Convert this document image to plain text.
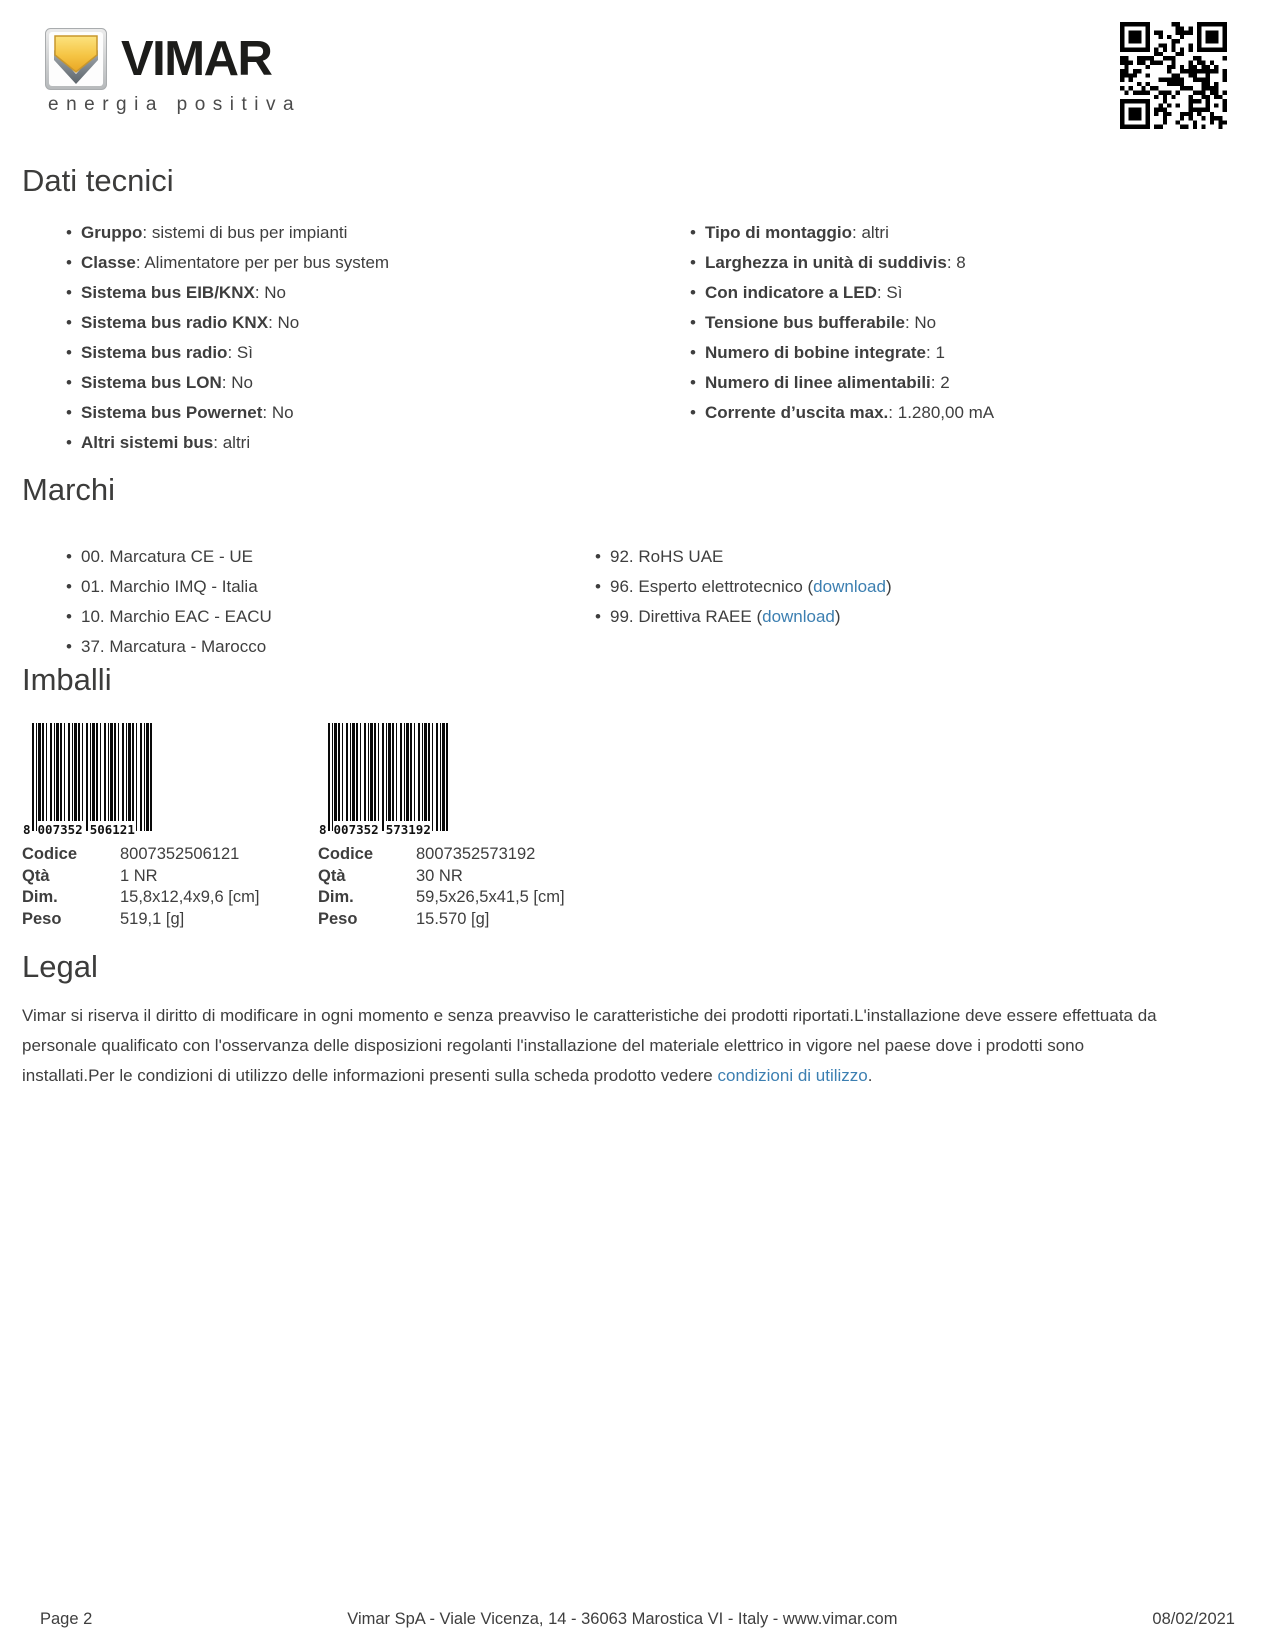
VIMAR
energia positiva
Dati tecnici
• Gruppo: sistemi di bus per impianti
• Classe: Alimentatore per per bus system
• Sistema bus EIB/KNX: No
• Sistema bus radio KNX: No
• Sistema bus radio: Sì
• Sistema bus LON: No
• Sistema bus Powernet: No
• Altri sistemi bus: altri
• Tipo di montaggio: altri
• Larghezza in unità di suddivis: 8
• Con indicatore a LED: Sì
• Tensione bus bufferabile: No
• Numero di bobine integrate: 1
• Numero di linee alimentabili: 2
• Corrente d’uscita max.: 1.280,00 mA
Marchi
• 00. Marcatura CE - UE
• 01. Marchio IMQ - Italia
• 10. Marchio EAC - EACU
• 37. Marcatura - Marocco
• 92. RoHS UAE
• 96. Esperto elettrotecnico (download)
• 99. Direttiva RAEE (download)
Imballi
8 007352 506121
Codice	8007352506121
Qtà	1 NR
Dim.	15,8x12,4x9,6 [cm]
Peso	519,1 [g]
8 007352 573192
Codice	8007352573192
Qtà	30 NR
Dim.	59,5x26,5x41,5 [cm]
Peso	15.570 [g]
Legal

Vimar si riserva il diritto di modificare in ogni momento e senza preavviso le caratteristiche dei prodotti riportati.L'installazione deve essere effettuata da personale qualificato con l'osservanza delle disposizioni regolanti l'installazione del materiale elettrico in vigore nel paese dove i prodotti sono installati.Per le condizioni di utilizzo delle informazioni presenti sulla scheda prodotto vedere condizioni di utilizzo.

Page 2	Vimar SpA - Viale Vicenza, 14 - 36063 Marostica VI - Italy - www.vimar.com	08/02/2021
